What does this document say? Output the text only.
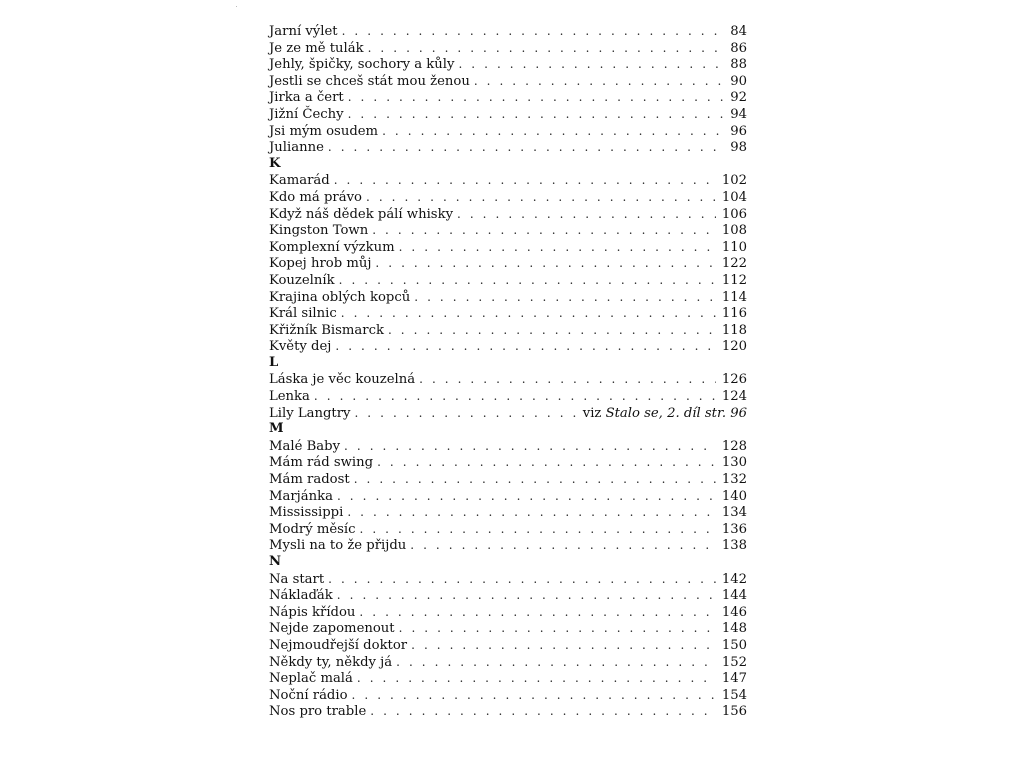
Jarní výlet . . .	84
Je ze mě tulák . . .	86
Jehly, špičky, sochory a kůly . . .	88
Jestli se chceš stát mou ženou . . .	90
Jirka a čert . . .	92
Jižní Čechy . . .	94
Jsi mým osudem . . .	96
Julianne . . .	98
K
Kamarád . . .	102
Kdo má právo . . .	104
Když náš dědek pálí whisky . . .	106
Kingston Town . . .	108
Komplexní výzkum . . .	110
Kopej hrob můj . . .	122
Kouzelník . . .	112
Krajina oblých kopců . . .	114
Král silnic . . .	116
Křižník Bismarck . . .	118
Květy dej . . .	120
L
Láska je věc kouzelná . . .	126
Lenka . . .	124
Lily Langtry . . .	viz Stalo se, 2. díl str. 96
M
Malé Baby . . .	128
Mám rád swing . . .	130
Mám radost . . .	132
Marjánka . . .	140
Mississippi . . .	134
Modrý měsíc . . .	136
Mysli na to že přijdu . . .	138
N
Na start . . .	142
Náklaďák . . .	144
Nápis křídou . . .	146
Nejde zapomenout . . .	148
Nejmoudřejší doktor . . .	150
Někdy ty, někdy já . . .	152
Neplač malá . . .	147
Noční rádio . . .	154
Nos pro trable . . .	156
